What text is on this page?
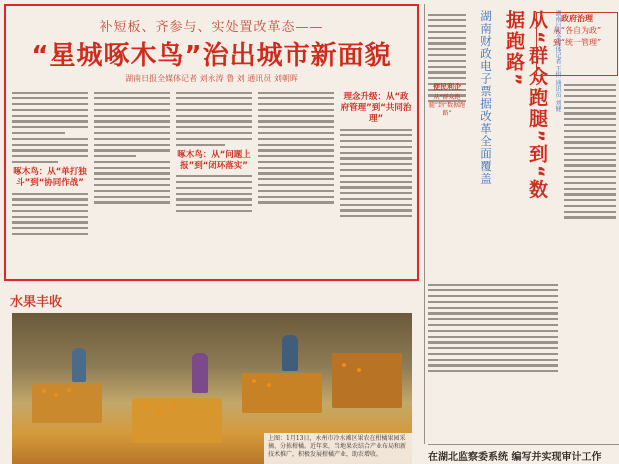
补短板、齐参与、实处置改革态——
“星城啄木鸟”治出城市新面貌
湖南日报全媒体记者 刘永涛 鲁 刘 通讯员 刘朝晖
啄木鸟：从“单打独斗”到“协同作战”
啄木鸟：从“问题上报”到“闭环落实”
理念升级：从“政府管理”到“共同治理”
水果丰收
上图：1月13日，永州市冷水滩区果农在柑橘果园采摘、分拣柑橘。近年来，当地果农结合产业布局和新技术推广，积极发展柑橘产业，助农增收。
便民利企
从“群众跑腿”到“数据跑路”	湖南财政电子票据改革全面覆盖	从“群众跑腿”到“数据跑路”	湖南日报全媒体记者 王恒 通讯员 刘健 政府治理
从“各自为政”
到“统一管理”
在湖北监察委系统 编写并实现审计工作
